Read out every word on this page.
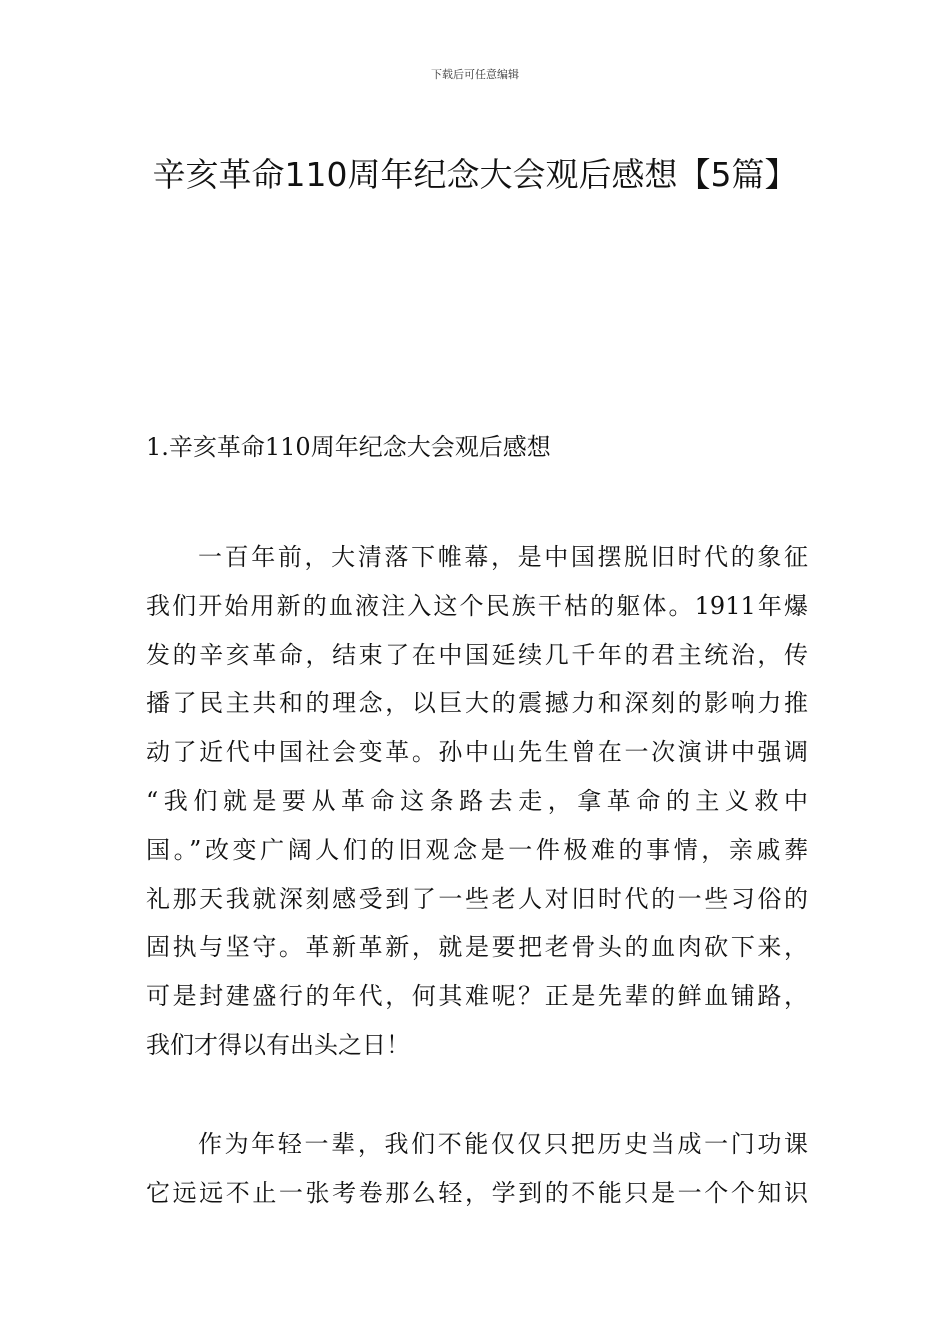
下载后可任意编辑
辛亥革命110周年纪念大会观后感想【5篇】
1.辛亥革命110周年纪念大会观后感想
一百年前，大清落下帷幕，是中国摆脱旧时代的象征
我们开始用新的血液注入这个民族干枯的躯体。1911年爆
发的辛亥革命，结束了在中国延续几千年的君主统治，传
播了民主共和的理念，以巨大的震撼力和深刻的影响力推
动了近代中国社会变革。孙中山先生曾在一次演讲中强调
“我们就是要从革命这条路去走，拿革命的主义救中
国。”改变广阔人们的旧观念是一件极难的事情，亲戚葬
礼那天我就深刻感受到了一些老人对旧时代的一些习俗的
固执与坚守。革新革新，就是要把老骨头的血肉砍下来，
可是封建盛行的年代，何其难呢？正是先辈的鲜血铺路，
我们才得以有出头之日！
作为年轻一辈，我们不能仅仅只把历史当成一门功课
它远远不止一张考卷那么轻，学到的不能只是一个个知识
